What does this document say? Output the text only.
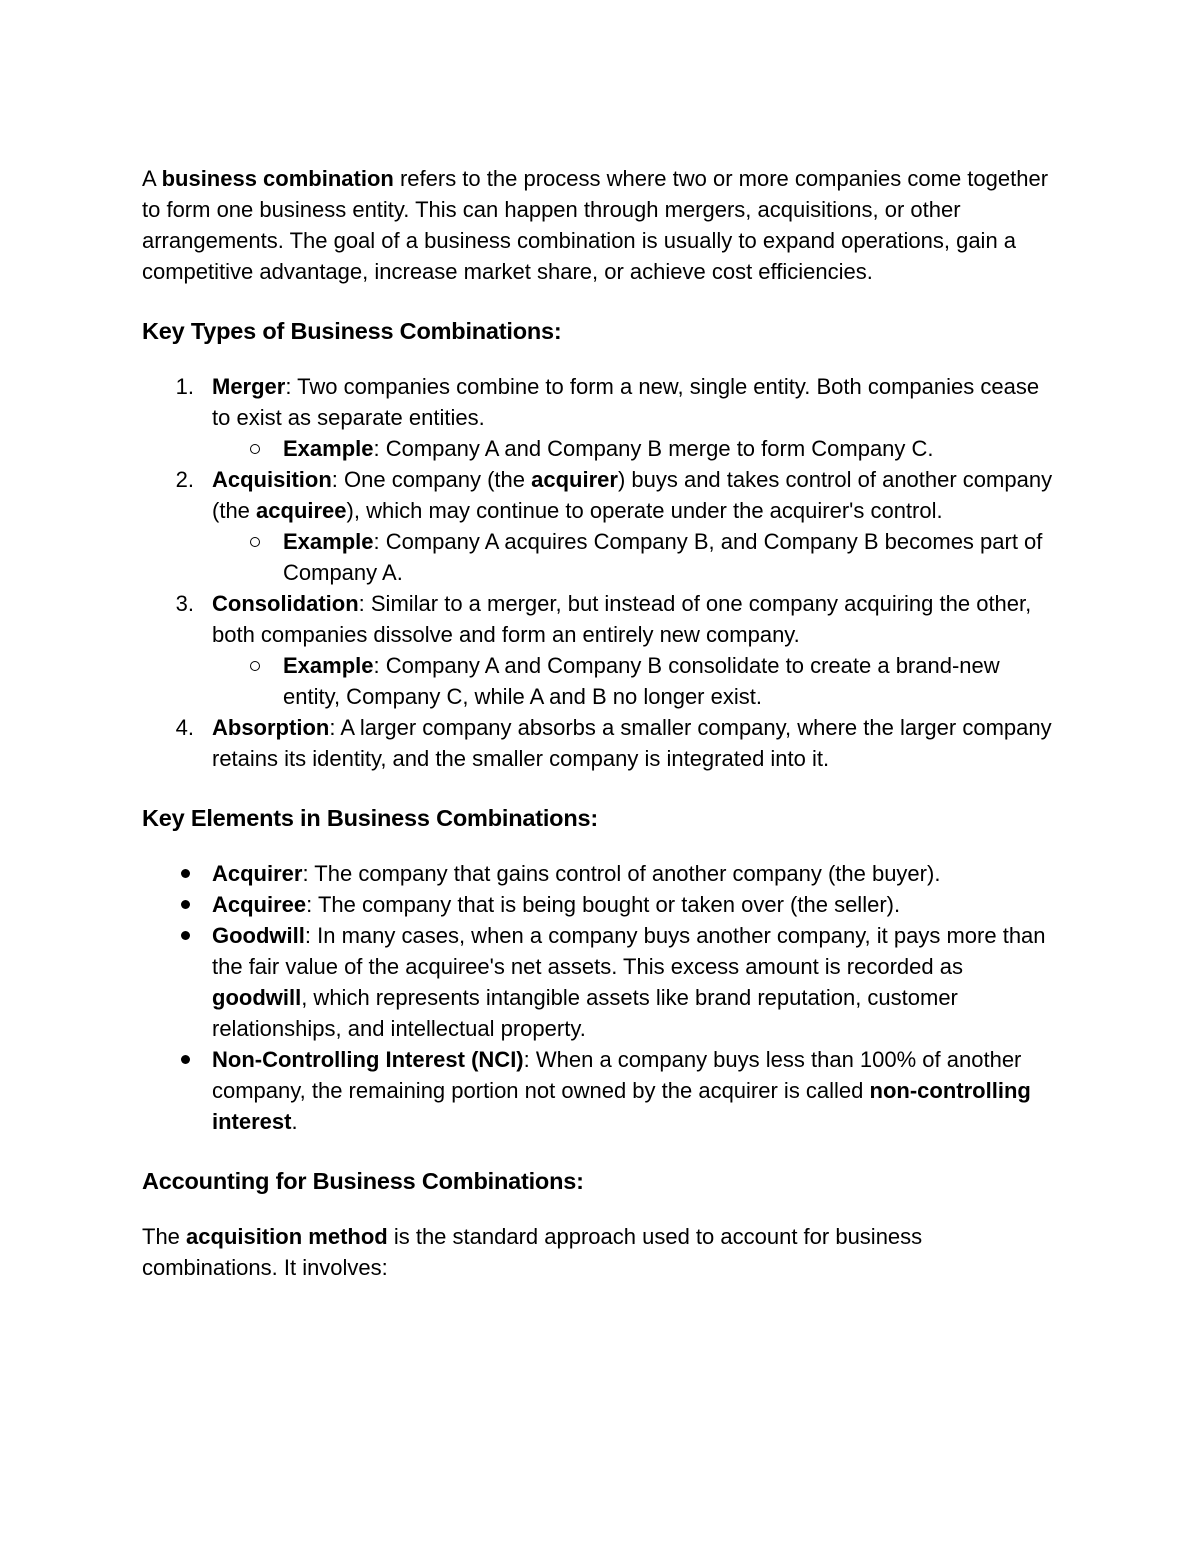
A business combination refers to the process where two or more companies come together to form one business entity. This can happen through mergers, acquisitions, or other arrangements. The goal of a business combination is usually to expand operations, gain a competitive advantage, increase market share, or achieve cost efficiencies.

Key Types of Business Combinations:
1. Merger: Two companies combine to form a new, single entity. Both companies cease to exist as separate entities.
Example: Company A and Company B merge to form Company C.
2. Acquisition: One company (the acquirer) buys and takes control of another company (the acquiree), which may continue to operate under the acquirer's control.
Example: Company A acquires Company B, and Company B becomes part of Company A.
3. Consolidation: Similar to a merger, but instead of one company acquiring the other, both companies dissolve and form an entirely new company.
Example: Company A and Company B consolidate to create a brand-new entity, Company C, while A and B no longer exist.
4. Absorption: A larger company absorbs a smaller company, where the larger company retains its identity, and the smaller company is integrated into it.
Key Elements in Business Combinations:
Acquirer: The company that gains control of another company (the buyer).
Acquiree: The company that is being bought or taken over (the seller).
Goodwill: In many cases, when a company buys another company, it pays more than the fair value of the acquiree's net assets. This excess amount is recorded as goodwill, which represents intangible assets like brand reputation, customer relationships, and intellectual property.
Non-Controlling Interest (NCI): When a company buys less than 100% of another company, the remaining portion not owned by the acquirer is called non-controlling interest.
Accounting for Business Combinations:

The acquisition method is the standard approach used to account for business combinations. It involves:
